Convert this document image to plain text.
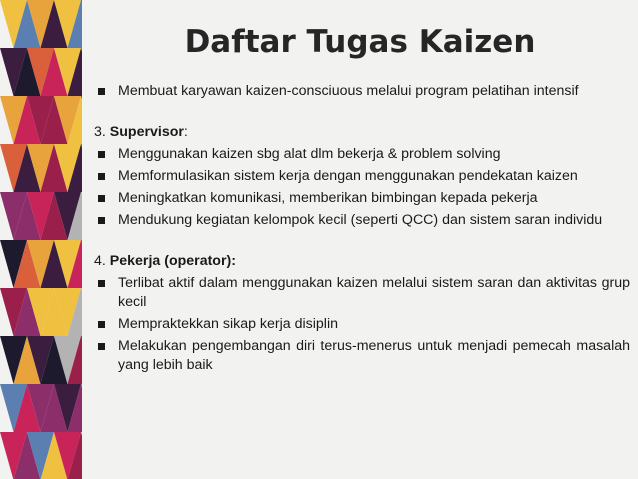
Daftar Tugas Kaizen
Membuat karyawan kaizen-consciuous melalui program pelatihan intensif
3. Supervisor:
Menggunakan kaizen sbg alat dlm bekerja & problem solving
Memformulasikan sistem kerja dengan menggunakan pendekatan kaizen
Meningkatkan komunikasi, memberikan bimbingan kepada pekerja
Mendukung kegiatan kelompok kecil (seperti QCC) dan sistem saran individu
4. Pekerja (operator):
Terlibat aktif dalam menggunakan kaizen melalui sistem saran dan aktivitas grup kecil
Mempraktekkan sikap kerja disiplin
Melakukan pengembangan diri terus-menerus untuk menjadi pemecah masalah yang lebih baik
